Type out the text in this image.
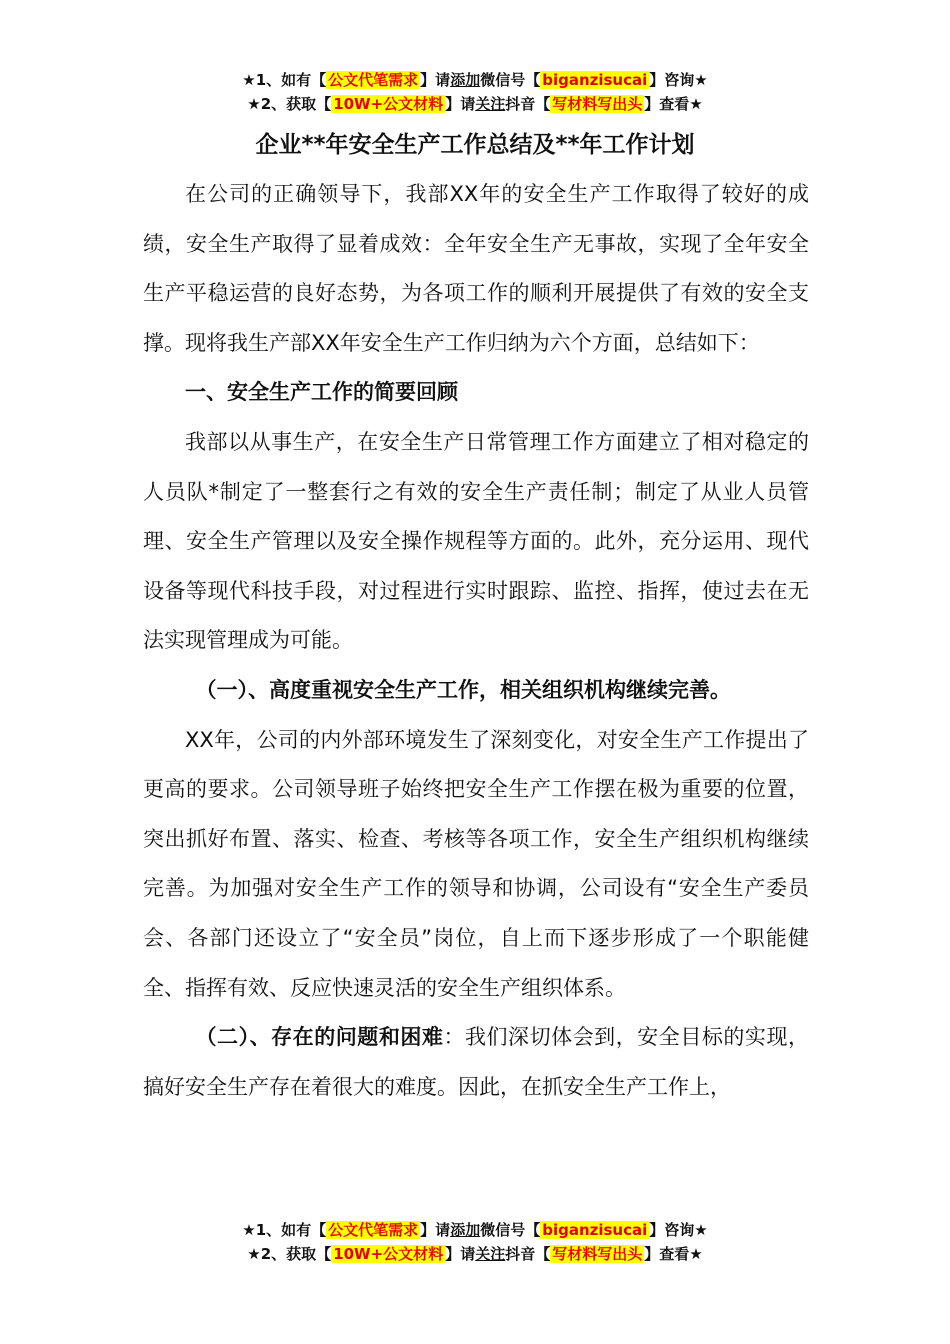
★1、如有【 公文代笔需求 】请添加微信号【 biganzisucai 】咨询★
★2、获取【 10W+公文材料 】请关注抖音【 写材料写出头 】查看★
企业**年安全生产工作总结及**年工作计划

在公司的正确领导下，我部XX年的安全生产工作取得了较好的成绩，安全生产取得了显着成效：全年安全生产无事故，实现了全年安全生产平稳运营的良好态势，为各项工作的顺利开展提供了有效的安全支撑。现将我生产部XX年安全生产工作归纳为六个方面，总结如下：

一、安全生产工作的简要回顾

我部以从事生产，在安全生产日常管理工作方面建立了相对稳定的人员队*制定了一整套行之有效的安全生产责任制；制定了从业人员管理、安全生产管理以及安全操作规程等方面的。此外，充分运用、现代设备等现代科技手段，对过程进行实时跟踪、监控、指挥，使过去在无法实现管理成为可能。

（一）、高度重视安全生产工作，相关组织机构继续完善。

XX年，公司的内外部环境发生了深刻变化，对安全生产工作提出了更高的要求。公司领导班子始终把安全生产工作摆在极为重要的位置，突出抓好布置、落实、检查、考核等各项工作，安全生产组织机构继续完善。为加强对安全生产工作的领导和协调，公司设有“安全生产委员会、各部门还设立了“安全员”岗位，自上而下逐步形成了一个职能健全、指挥有效、反应快速灵活的安全生产组织体系。

（二）、存在的问题和困难：我们深切体会到，安全目标的实现，搞好安全生产存在着很大的难度。因此，在抓安全生产工作上，

★1、如有【 公文代笔需求 】请添加微信号【 biganzisucai 】咨询★
★2、获取【 10W+公文材料 】请关注抖音【 写材料写出头 】查看★
